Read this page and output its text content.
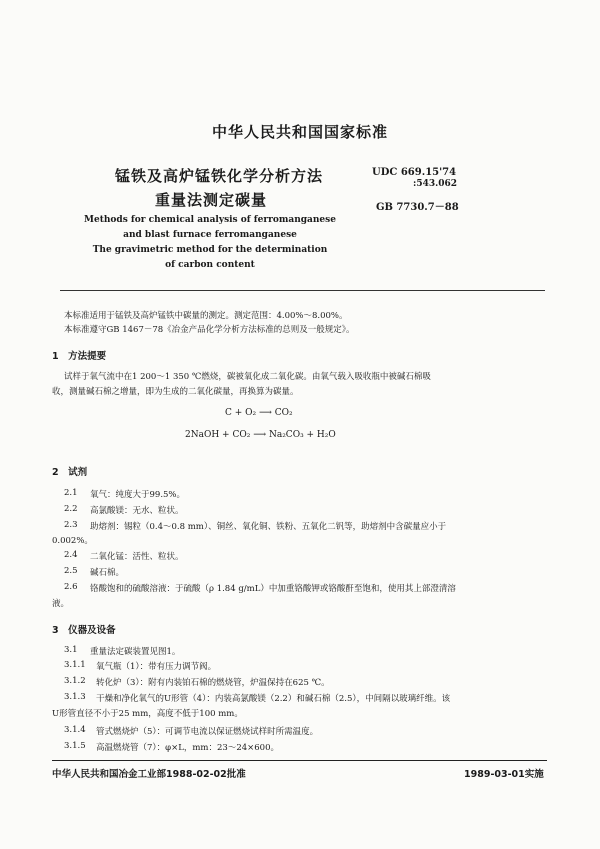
中华人民共和国国家标准
锰铁及高炉锰铁化学分析方法
重量法测定碳量
UDC 669.15'74
:543.062
GB 7730.7－88
Methods for chemical analysis of ferromanganese
and blast furnace ferromanganese
The gravimetric method for the determination
of carbon content
本标准适用于锰铁及高炉锰铁中碳量的测定。测定范围：4.00%～8.00%。
本标准遵守GB 1467－78《冶金产品化学分析方法标准的总则及一般规定》。
1　方法提要
试样于氧气流中在1 200～1 350 ℃燃烧，碳被氧化成二氧化碳。由氧气载入吸收瓶中被碱石棉吸
收，测量碱石棉之增量，即为生成的二氧化碳量，再换算为碳量。
C + O₂ ⟶ CO₂
2NaOH + CO₂ ⟶ Na₂CO₃ + H₂O
2　试剂
2.1 氧气：纯度大于99.5%。
2.2 高氯酸镁：无水、粒状。
2.3 助熔剂：锡粒（0.4～0.8 mm）、铜丝、氧化铜、铁粉、五氧化二钒等，助熔剂中含碳量应小于
0.002%。
2.4 二氧化锰：活性、粒状。
2.5 碱石棉。
2.6 铬酸饱和的硫酸溶液：于硫酸（ρ 1.84 g/mL）中加重铬酸钾或铬酸酐至饱和，使用其上部澄清溶
液。
3　仪器及设备
3.1 重量法定碳装置见图1。
3.1.1 氧气瓶（1）：带有压力调节阀。
3.1.2 转化炉（3）：附有内装铂石棉的燃烧管，炉温保持在625 ℃。
3.1.3 干燥和净化氧气的U形管（4）：内装高氯酸镁（2.2）和碱石棉（2.5），中间隔以玻璃纤维。该
U形管直径不小于25 mm，高度不低于100 mm。
3.1.4 管式燃烧炉（5）：可调节电流以保证燃烧试样时所需温度。
3.1.5 高温燃烧管（7）：φ×L，mm：23～24×600。
中华人民共和国冶金工业部1988-02-02批准	1989-03-01实施
